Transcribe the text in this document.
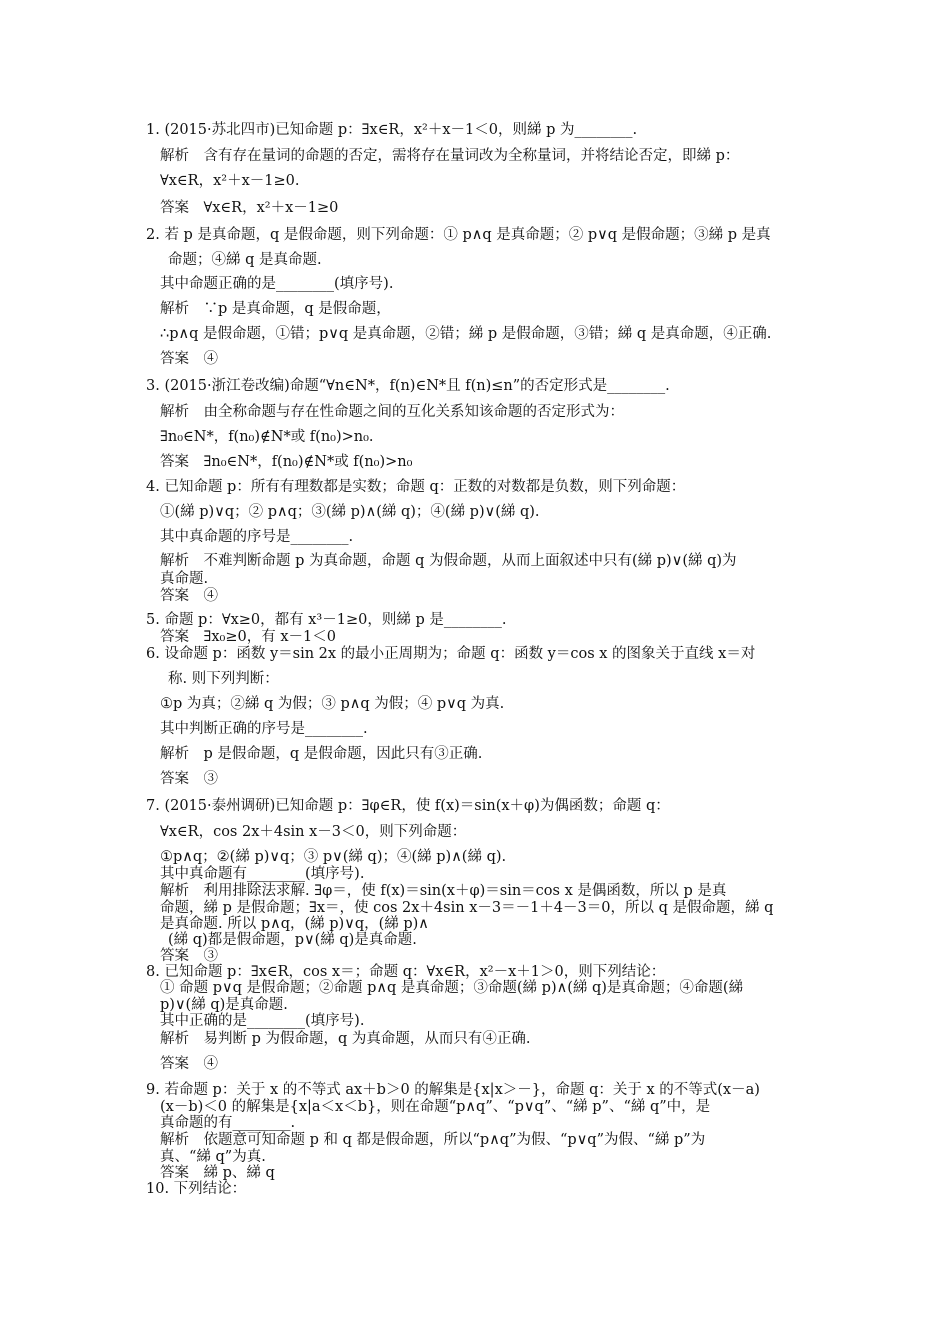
1. (2015·苏北四市)已知命题 p：∃x∈R，x²＋x－1＜0，则綈 p 为________.
解析　含有存在量词的命题的否定，需将存在量词改为全称量词，并将结论否定，即綈 p：
∀x∈R，x²＋x－1≥0.
答案　∀x∈R，x²＋x－1≥0
2. 若 p 是真命题，q 是假命题，则下列命题：① p∧q 是真命题；② p∨q 是假命题；③綈 p 是真
命题；④綈 q 是真命题.
其中命题正确的是________(填序号).
解析　∵p 是真命题，q 是假命题，
∴p∧q 是假命题，①错；p∨q 是真命题，②错；綈 p 是假命题，③错；綈 q 是真命题，④正确.
答案　④
3. (2015·浙江卷改编)命题“∀n∈N*，f(n)∈N*且 f(n)≤n”的否定形式是________.
解析　由全称命题与存在性命题之间的互化关系知该命题的否定形式为：
∃n₀∈N*，f(n₀)∉N*或 f(n₀)>n₀.
答案　∃n₀∈N*，f(n₀)∉N*或 f(n₀)>n₀
4. 已知命题 p：所有有理数都是实数；命题 q：正数的对数都是负数，则下列命题：
①(綈 p)∨q；② p∧q；③(綈 p)∧(綈 q)；④(綈 p)∨(綈 q).
其中真命题的序号是________.
解析　不难判断命题 p 为真命题，命题 q 为假命题，从而上面叙述中只有(綈 p)∨(綈 q)为
真命题.
答案　④
5. 命题 p：∀x≥0，都有 x³－1≥0，则綈 p 是________.
答案　∃x₀≥0，有 x－1＜0
6. 设命题 p：函数 y＝sin 2x 的最小正周期为；命题 q：函数 y＝cos x 的图象关于直线 x＝对
称. 则下列判断：
①p 为真；②綈 q 为假；③ p∧q 为假；④ p∨q 为真.
其中判断正确的序号是________.
解析　p 是假命题，q 是假命题，因此只有③正确.
答案　③
7. (2015·泰州调研)已知命题 p：∃φ∈R，使 f(x)＝sin(x＋φ)为偶函数；命题 q：
∀x∈R，cos 2x＋4sin x－3＜0，则下列命题：
①p∧q；②(綈 p)∨q；③ p∨(綈 q)；④(綈 p)∧(綈 q).
其中真命题有________(填序号).
解析　利用排除法求解. ∃φ＝，使 f(x)＝sin(x＋φ)＝sin＝cos x 是偶函数，所以 p 是真
命题，綈 p 是假命题；∃x＝，使 cos 2x＋4sin x－3＝－1＋4－3＝0，所以 q 是假命题，綈 q
是真命题. 所以 p∧q，(綈 p)∨q，(綈 p)∧
(綈 q)都是假命题，p∨(綈 q)是真命题.
答案　③
8. 已知命题 p：∃x∈R，cos x＝；命题 q：∀x∈R，x²－x＋1＞0，则下列结论：
① 命题 p∨q 是假命题；②命题 p∧q 是真命题；③命题(綈 p)∧(綈 q)是真命题；④命题(綈
p)∨(綈 q)是真命题.
其中正确的是________(填序号).
解析　易判断 p 为假命题，q 为真命题，从而只有④正确.
答案　④
9. 若命题 p：关于 x 的不等式 ax＋b＞0 的解集是{x|x＞－}，命题 q：关于 x 的不等式(x－a)
(x－b)＜0 的解集是{x|a＜x＜b}，则在命题“p∧q”、“p∨q”、“綈 p”、“綈 q”中，是
真命题的有________.
解析　依题意可知命题 p 和 q 都是假命题，所以“p∧q”为假、“p∨q”为假、“綈 p”为
真、“綈 q”为真.
答案　綈 p、綈 q
10. 下列结论：
